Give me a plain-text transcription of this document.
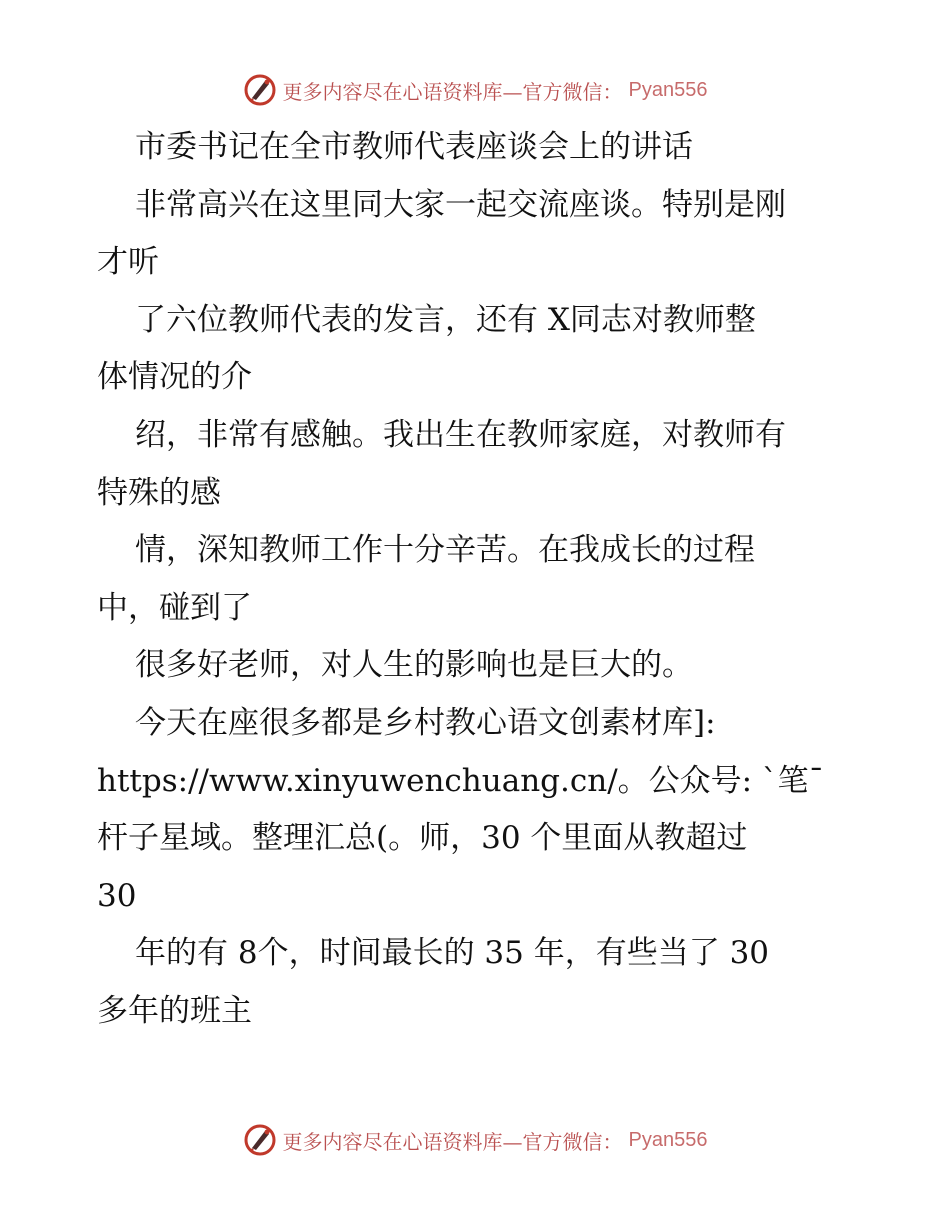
更多内容尽在心语资料库—官方微信： Pyan556
市委书记在全市教师代表座谈会上的讲话
非常高兴在这里同大家一起交流座谈。特别是刚
才听
了六位教师代表的发言，还有 X同志对教师整
体情况的介
绍，非常有感触。我出生在教师家庭，对教师有
特殊的感
情，深知教师工作十分辛苦。在我成长的过程
中，碰到了
很多好老师，对人生的影响也是巨大的。
今天在座很多都是乡村教心语文创素材库]:
https://www.xinyuwenchuang.cn/。公众号: `笔¯
杆子星域。整理汇总(。师，30 个里面从教超过
30
年的有 8个，时间最长的 35 年，有些当了 30
多年的班主
更多内容尽在心语资料库—官方微信： Pyan556
